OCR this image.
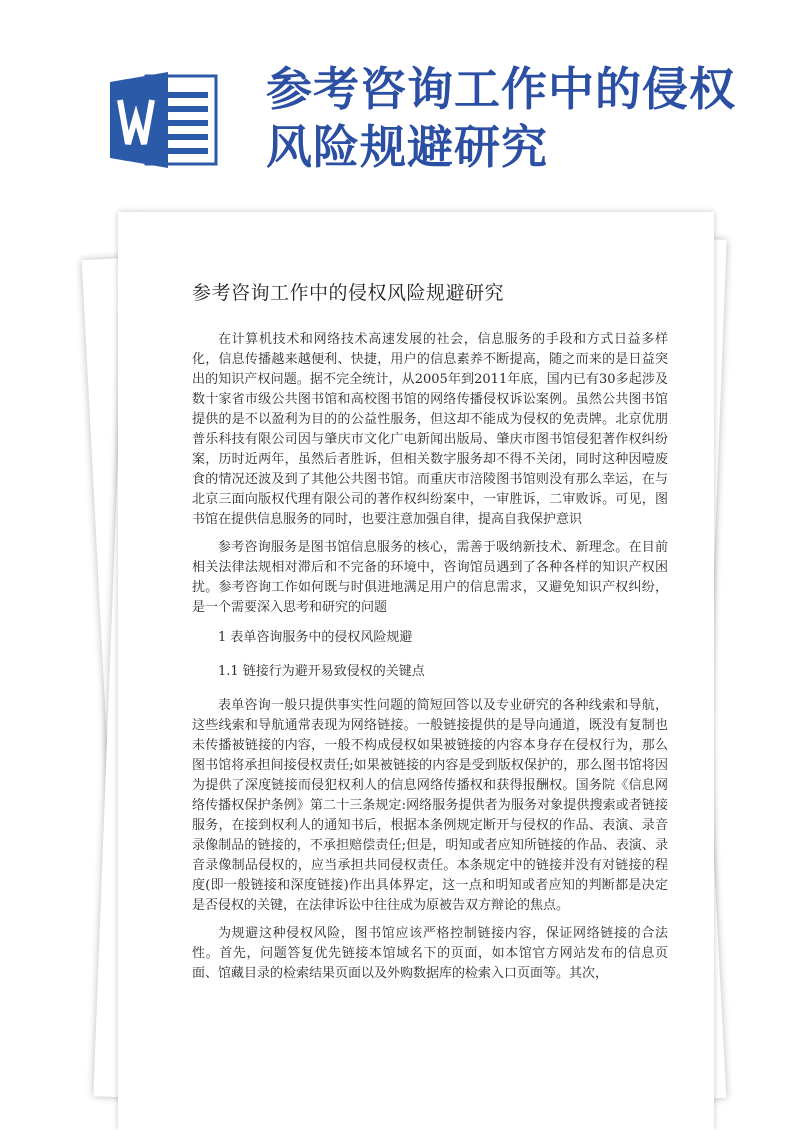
参考咨询工作中的侵权风险规避研究
参考咨询工作中的侵权风险规避研究

在计算机技术和网络技术高速发展的社会，信息服务的手段和方式日益多样化，信息传播越来越便利、快捷，用户的信息素养不断提高，随之而来的是日益突出的知识产权问题。据不完全统计，从2005年到2011年底，国内已有30多起涉及数十家省市级公共图书馆和高校图书馆的网络传播侵权诉讼案例。虽然公共图书馆提供的是不以盈利为目的的公益性服务，但这却不能成为侵权的免责牌。北京优朋普乐科技有限公司因与肇庆市文化广电新闻出版局、肇庆市图书馆侵犯著作权纠纷案，历时近两年，虽然后者胜诉，但相关数字服务却不得不关闭，同时这种因噎废食的情况还波及到了其他公共图书馆。而重庆市涪陵图书馆则没有那么幸运，在与北京三面向版权代理有限公司的著作权纠纷案中，一审胜诉，二审败诉。可见，图书馆在提供信息服务的同时，也要注意加强自律，提高自我保护意识

参考咨询服务是图书馆信息服务的核心，需善于吸纳新技术、新理念。在目前相关法律法规相对滞后和不完备的环境中，咨询馆员遇到了各种各样的知识产权困扰。参考咨询工作如何既与时俱进地满足用户的信息需求，又避免知识产权纠纷，是一个需要深入思考和研究的问题

1 表单咨询服务中的侵权风险规避

1.1 链接行为避开易致侵权的关键点

表单咨询一般只提供事实性问题的简短回答以及专业研究的各种线索和导航，这些线索和导航通常表现为网络链接。一般链接提供的是导向通道，既没有复制也未传播被链接的内容，一般不构成侵权如果被链接的内容本身存在侵权行为，那么图书馆将承担间接侵权责任;如果被链接的内容是受到版权保护的，那么图书馆将因为提供了深度链接而侵犯权利人的信息网络传播权和获得报酬权。国务院《信息网络传播权保护条例》第二十三条规定:网络服务提供者为服务对象提供搜索或者链接服务，在接到权利人的通知书后，根据本条例规定断开与侵权的作品、表演、录音录像制品的链接的，不承担赔偿责任;但是，明知或者应知所链接的作品、表演、录音录像制品侵权的，应当承担共同侵权责任。本条规定中的链接并没有对链接的程度(即一般链接和深度链接)作出具体界定，这一点和明知或者应知的判断都是决定是否侵权的关键，在法律诉讼中往往成为原被告双方辩论的焦点。

为规避这种侵权风险，图书馆应该严格控制链接内容，保证网络链接的合法性。首先，问题答复优先链接本馆域名下的页面，如本馆官方网站发布的信息页面、馆藏目录的检索结果页面以及外购数据库的检索入口页面等。其次，
